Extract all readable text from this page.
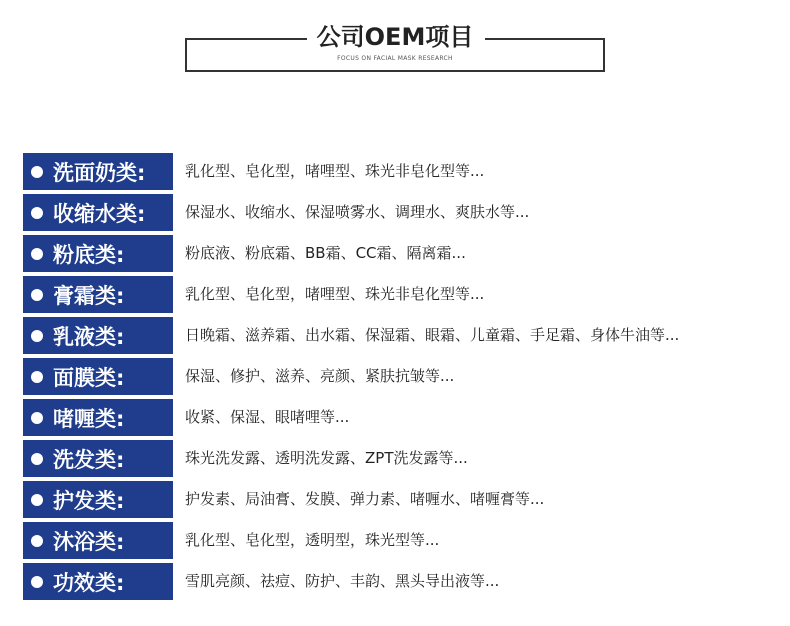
公司OEM项目
FOCUS ON FACIAL MASK RESEARCH
洗面奶类:	乳化型、皂化型，啫哩型、珠光非皂化型等...
收缩水类:	保湿水、收缩水、保湿喷雾水、调理水、爽肤水等...
粉底类:	粉底液、粉底霜、BB霜、CC霜、隔离霜...
膏霜类:	乳化型、皂化型，啫哩型、珠光非皂化型等...
乳液类:	日晚霜、滋养霜、出水霜、保湿霜、眼霜、儿童霜、手足霜、身体牛油等...
面膜类:	保湿、修护、滋养、亮颜、紧肤抗皱等...
啫喱类:	收紧、保湿、眼啫哩等...
洗发类:	珠光洗发露、透明洗发露、ZPT洗发露等...
护发类:	护发素、局油膏、发膜、弹力素、啫喱水、啫喱膏等...
沐浴类:	乳化型、皂化型，透明型，珠光型等...
功效类:	雪肌亮颜、祛痘、防护、丰韵、黑头导出液等...
